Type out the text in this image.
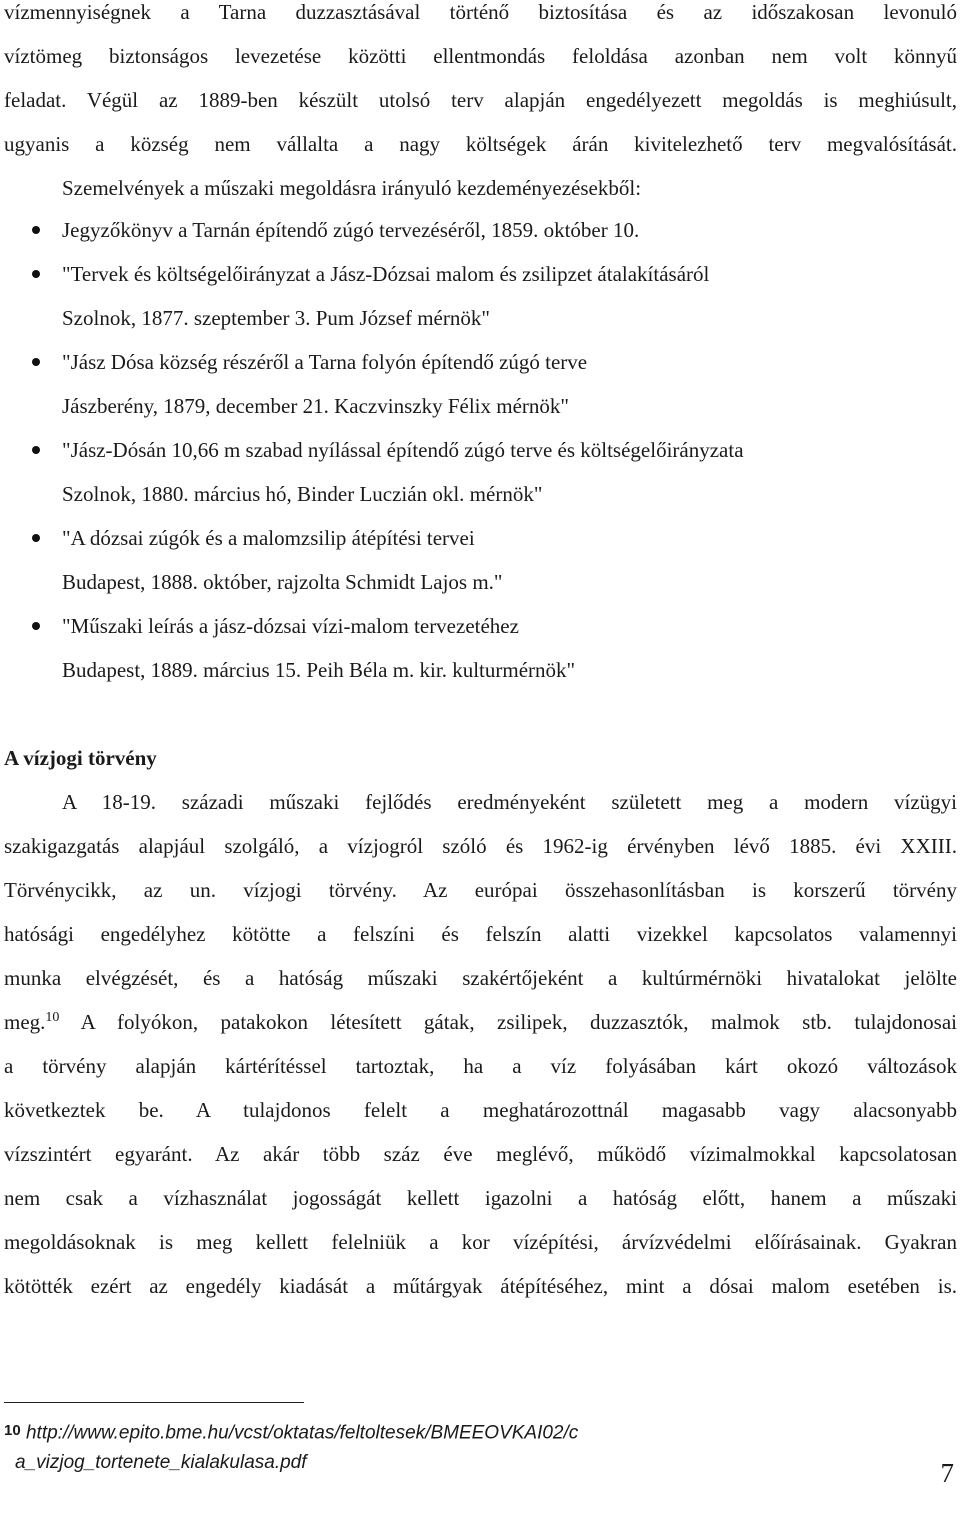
vízmennyiségnek a Tarna duzzasztásával történő biztosítása és az időszakosan levonuló
víztömeg biztonságos levezetése közötti ellentmondás feloldása azonban nem volt könnyű
feladat. Végül az 1889-ben készült utolsó terv alapján engedélyezett megoldás is meghiúsult,
ugyanis a község nem vállalta a nagy költségek árán kivitelezhető terv megvalósítását.

Szemelvények a műszaki megoldásra irányuló kezdeményezésekből:

Jegyzőkönyv a Tarnán építendő zúgó tervezéséről, 1859. október 10.
"Tervek és költségelőirányzat a Jász-Dózsai malom és zsilipzet átalakításáról
Szolnok, 1877. szeptember 3. Pum József mérnök"
"Jász Dósa község részéről a Tarna folyón építendő zúgó terve
Jászberény, 1879, december 21. Kaczvinszky Félix mérnök"
"Jász-Dósán 10,66 m szabad nyílással építendő zúgó terve és költségelőirányzata
Szolnok, 1880. március hó, Binder Luczián okl. mérnök"
"A dózsai zúgók és a malomzsilip átépítési tervei
Budapest, 1888. október, rajzolta Schmidt Lajos m."
"Műszaki leírás a jász-dózsai vízi-malom tervezetéhez
Budapest, 1889. március 15. Peih Béla m. kir. kulturmérnök"
A vízjogi törvény
A 18-19. századi műszaki fejlődés eredményeként született meg a modern vízügyi
szakigazgatás alapjául szolgáló, a vízjogról szóló és 1962-ig érvényben lévő 1885. évi XXIII.
Törvénycikk, az un. vízjogi törvény. Az európai összehasonlításban is korszerű törvény
hatósági engedélyhez kötötte a felszíni és felszín alatti vizekkel kapcsolatos valamennyi
munka elvégzését, és a hatóság műszaki szakértőjeként a kultúrmérnöki hivatalokat jelölte
meg.$^{10}$ A folyókon, patakokon létesített gátak, zsilipek, duzzasztók, malmok stb. tulajdonosai
a törvény alapján kártérítéssel tartoztak, ha a víz folyásában kárt okozó változások
következtek be. A tulajdonos felelt a meghatározottnál magasabb vagy alacsonyabb
vízszintért egyaránt. Az akár több száz éve meglévő, működő vízimalmokkal kapcsolatosan
nem csak a vízhasználat jogosságát kellett igazolni a hatóság előtt, hanem a műszaki
megoldásoknak is meg kellett felelniük a kor vízépítési, árvízvédelmi előírásainak. Gyakran
kötötték ezért az engedély kiadását a műtárgyak átépítéséhez, mint a dósai malom esetében is.

$^{10}$ http://www.epito.bme.hu/vcst/oktatas/feltoltesek/BMEEOVKAI02/c
a_vizjog_tortenete_kialakulasa.pdf	7
